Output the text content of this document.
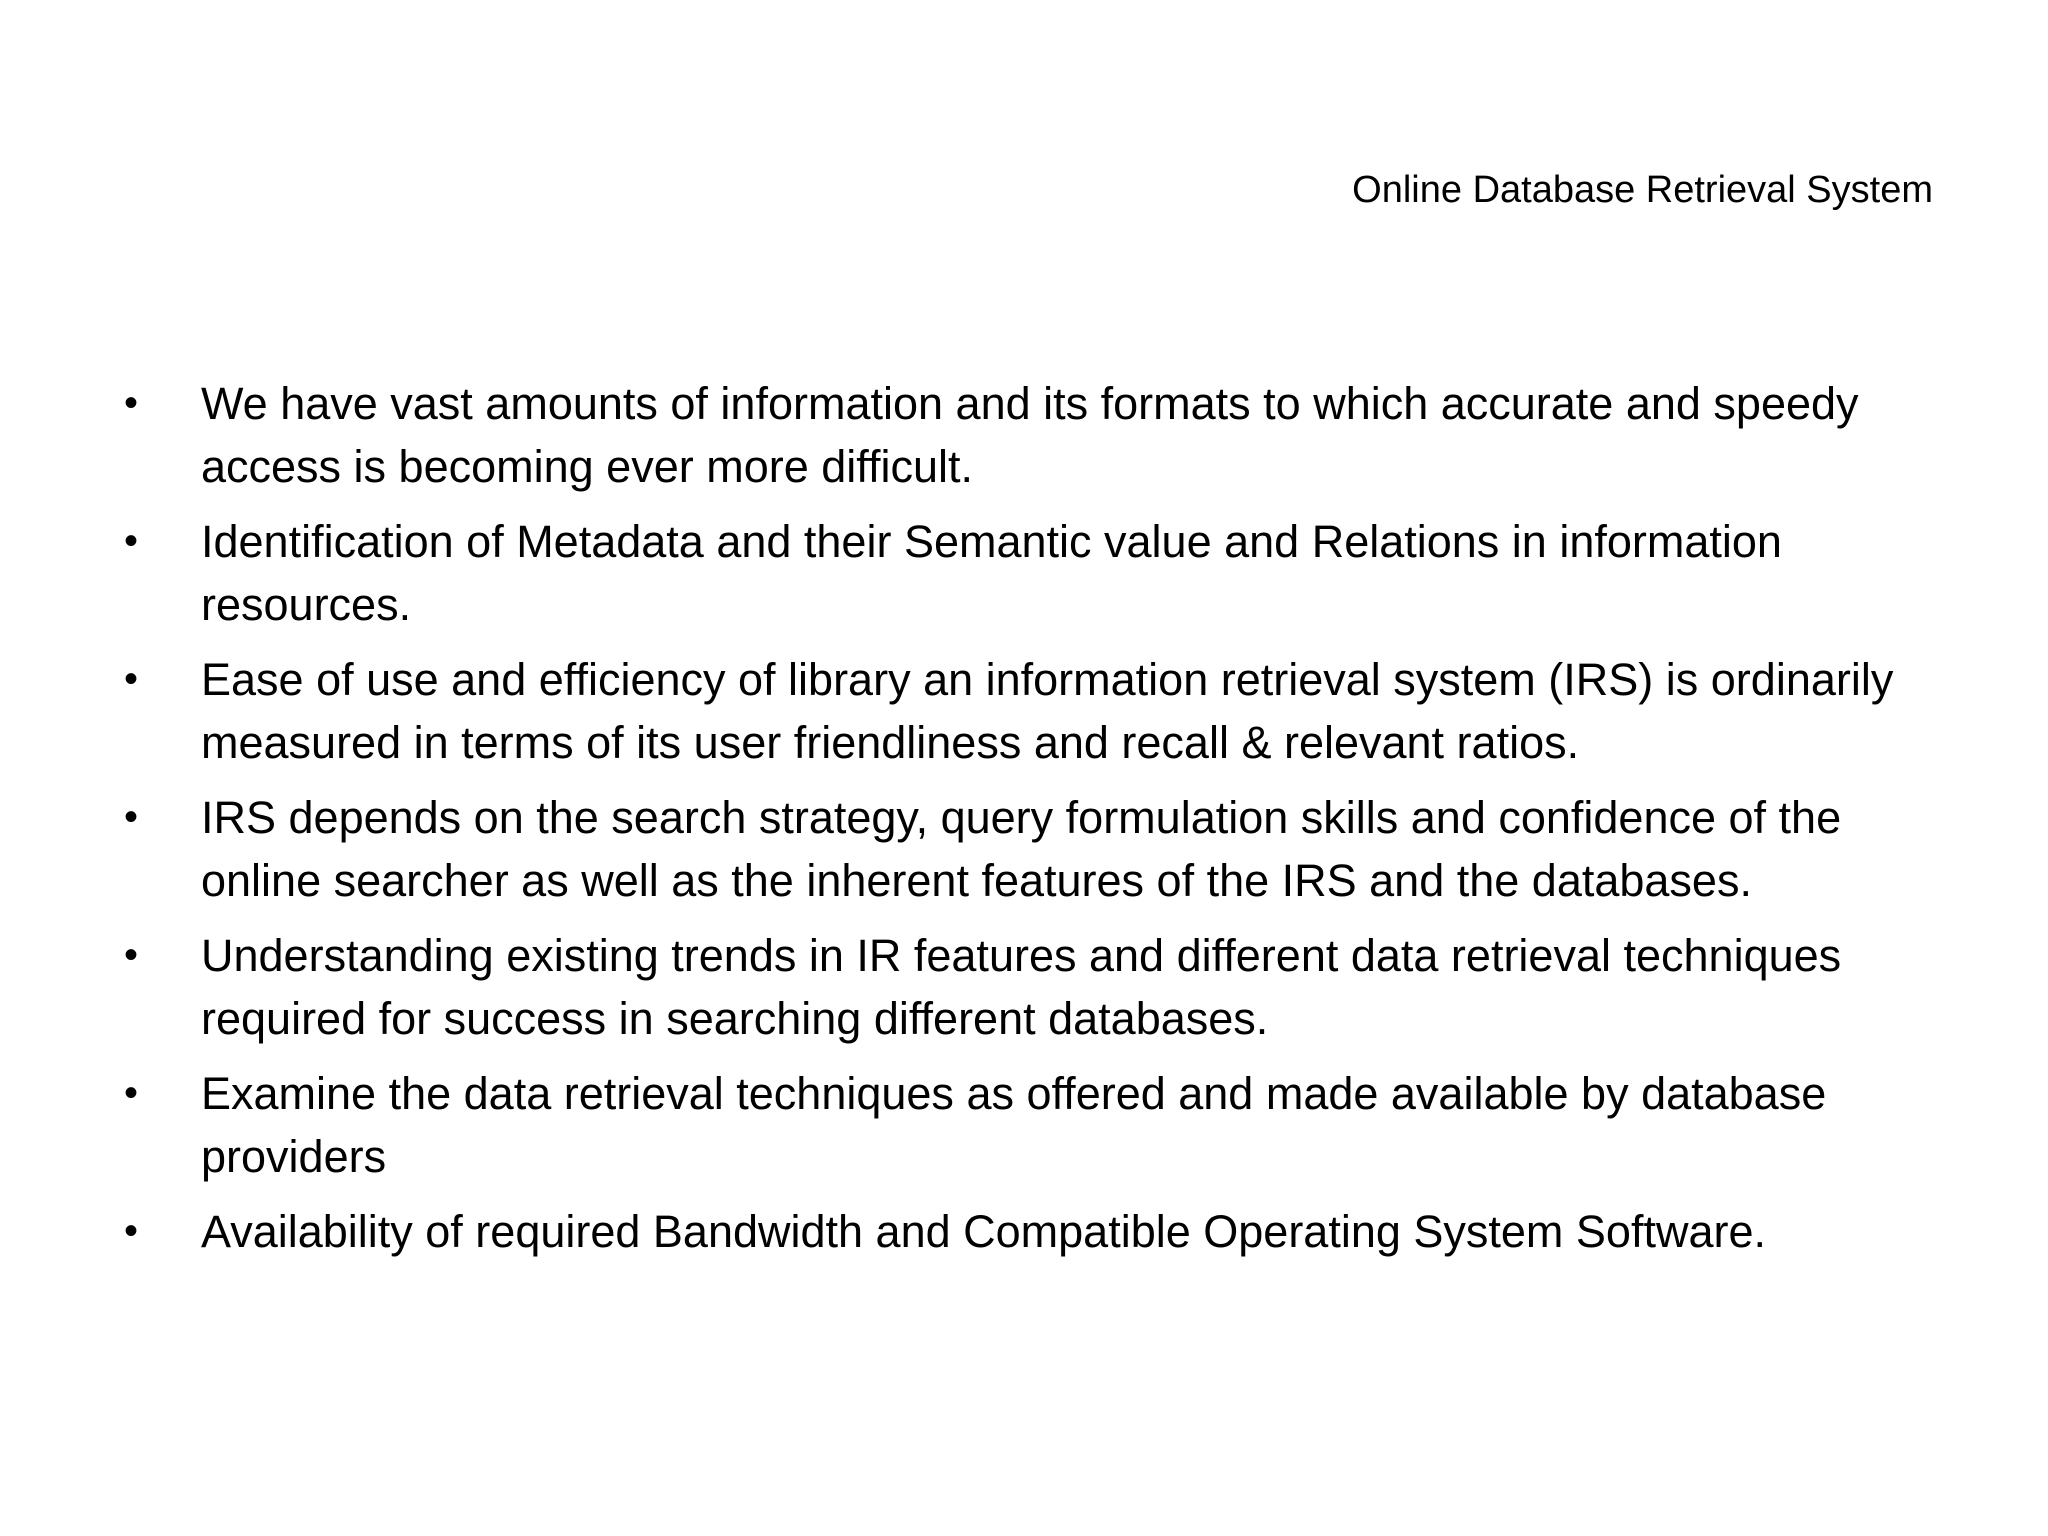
Online Database Retrieval System
•	We have vast amounts of information and its formats to which accurate and speedy access is becoming ever more difficult.
•	Identification of Metadata and their Semantic value and Relations in information resources.
•	Ease of use and efficiency of library an information retrieval system (IRS) is ordinarily measured in terms of its user friendliness and recall & relevant ratios.
•	IRS depends on the search strategy, query formulation skills and confidence of the online searcher as well as the inherent features of the IRS and the databases.
•	Understanding existing trends in IR features and different data retrieval techniques required for success in searching different databases.
•	Examine the data retrieval techniques as offered and made available by database providers
•	Availability of required Bandwidth and Compatible Operating System Software.
